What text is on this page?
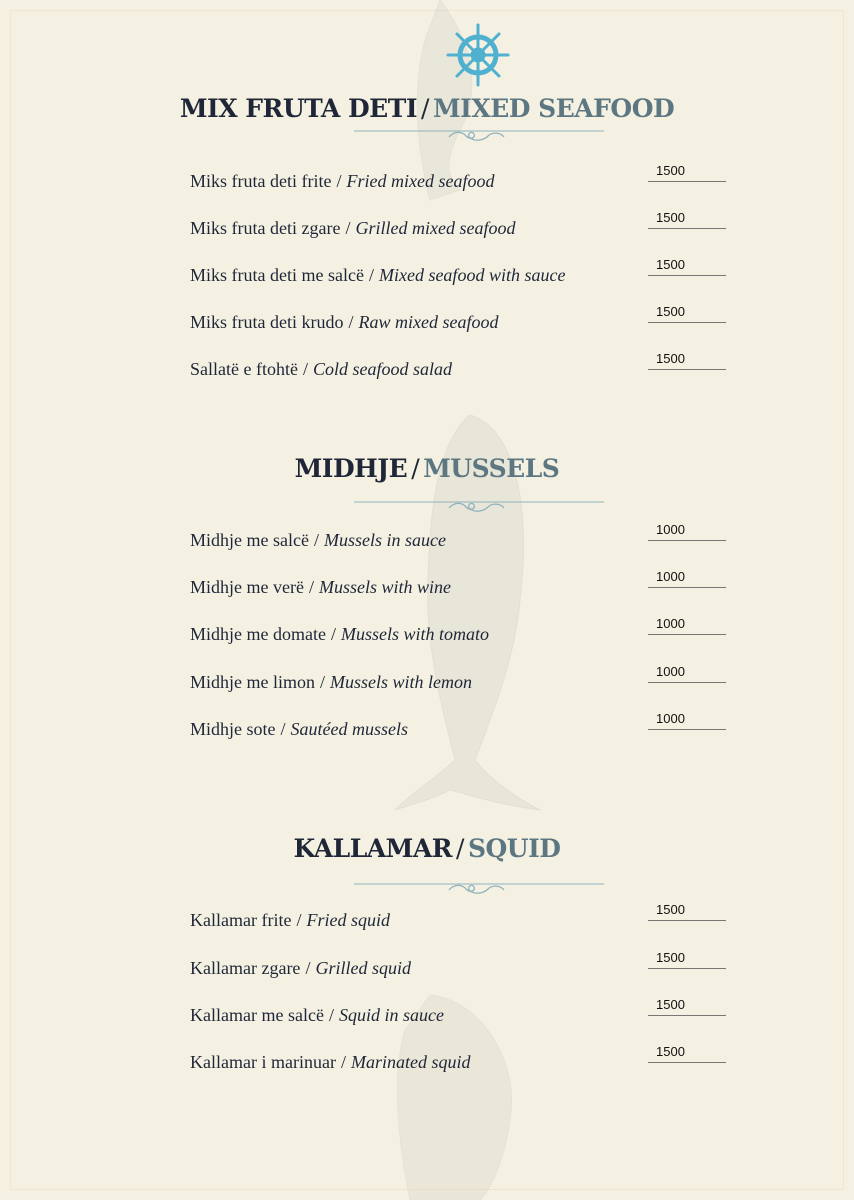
MIX FRUTA DETI / MIXED SEAFOOD
Miks fruta deti frite / Fried mixed seafood
1500
Miks fruta deti zgare / Grilled mixed seafood
1500
Miks fruta deti me salcë / Mixed seafood with sauce
1500
Miks fruta deti krudo / Raw mixed seafood
1500
Sallatë e ftohtë / Cold seafood salad
1500
MIDHJE / MUSSELS
Midhje me salcë / Mussels in sauce
1000
Midhje me verë / Mussels with wine
1000
Midhje me domate / Mussels with tomato
1000
Midhje me limon / Mussels with lemon
1000
Midhje sote / Sautéed mussels
1000
KALLAMAR / SQUID
Kallamar frite / Fried squid
1500
Kallamar zgare / Grilled squid
1500
Kallamar me salcë / Squid in sauce
1500
Kallamar i marinuar / Marinated squid
1500
